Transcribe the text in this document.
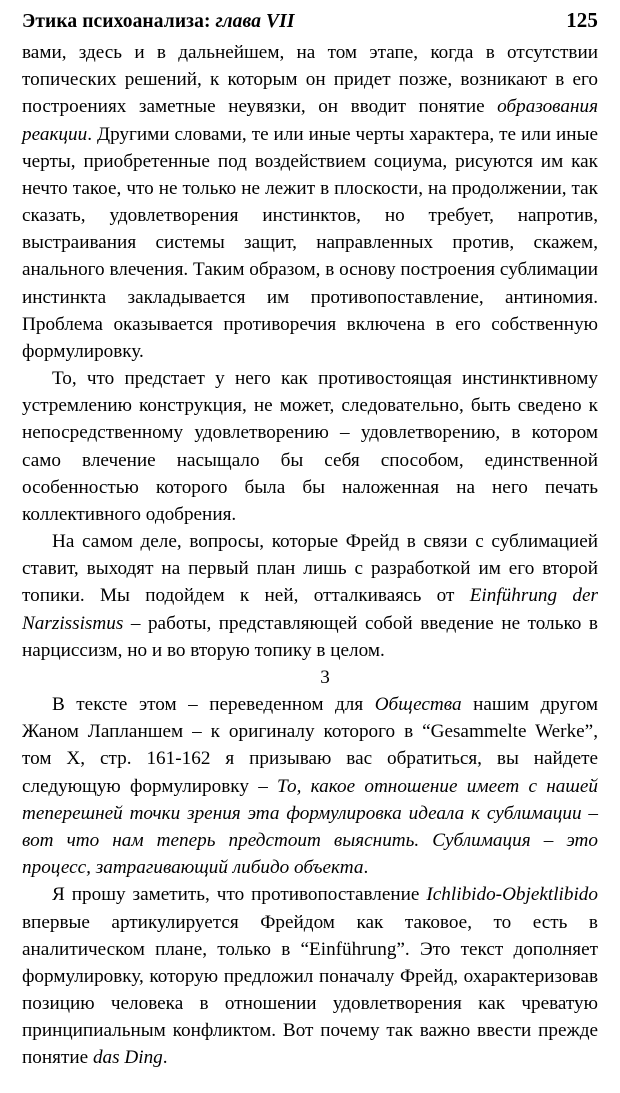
Этика психоанализа: глава VII	125

вами, здесь и в дальнейшем, на том этапе, когда в отсутствии топических решений, к которым он придет позже, возникают в его построениях заметные неувязки, он вводит понятие образования реакции. Другими словами, те или иные черты характера, те или иные черты, приобретенные под воздействием социума, рисуются им как нечто такое, что не только не лежит в плоскости, на продолжении, так сказать, удовлетворения инстинктов, но требует, напротив, выстраивания системы защит, направленных против, скажем, анального влечения. Таким образом, в основу построения сублимации инстинкта закладывается им противопоставление, антиномия. Проблема оказывается противоречия включена в его собственную формулировку.

То, что предстает у него как противостоящая инстинктивному устремлению конструкция, не может, следовательно, быть сведено к непосредственному удовлетворению – удовлетворению, в котором само влечение насыщало бы себя способом, единственной особенностью которого была бы наложенная на него печать коллективного одобрения.

На самом деле, вопросы, которые Фрейд в связи с сублимацией ставит, выходят на первый план лишь с разработкой им его второй топики. Мы подойдем к ней, отталкиваясь от Einführung der Narzissismus – работы, представляющей собой введение не только в нарциссизм, но и во вторую топику в целом.

3

В тексте этом – переведенном для Общества нашим другом Жаном Лапланшем – к оригиналу которого в “Gesammelte Werke”, том X, стр. 161-162 я призываю вас обратиться, вы найдете следующую формулировку – То, какое отношение имеет с нашей теперешней точки зрения эта формулировка идеала к сублимации – вот что нам теперь предстоит выяснить. Сублимация – это процесс, затрагивающий либидо объекта.

Я прошу заметить, что противопоставление Ichlibido-Objektlibido впервые артикулируется Фрейдом как таковое, то есть в аналитическом плане, только в “Einführung”. Это текст дополняет формулировку, которую предложил поначалу Фрейд, охарактеризовав позицию человека в отношении удовлетворения как чреватую принципиальным конфликтом. Вот почему так важно ввести прежде понятие das Ding.
